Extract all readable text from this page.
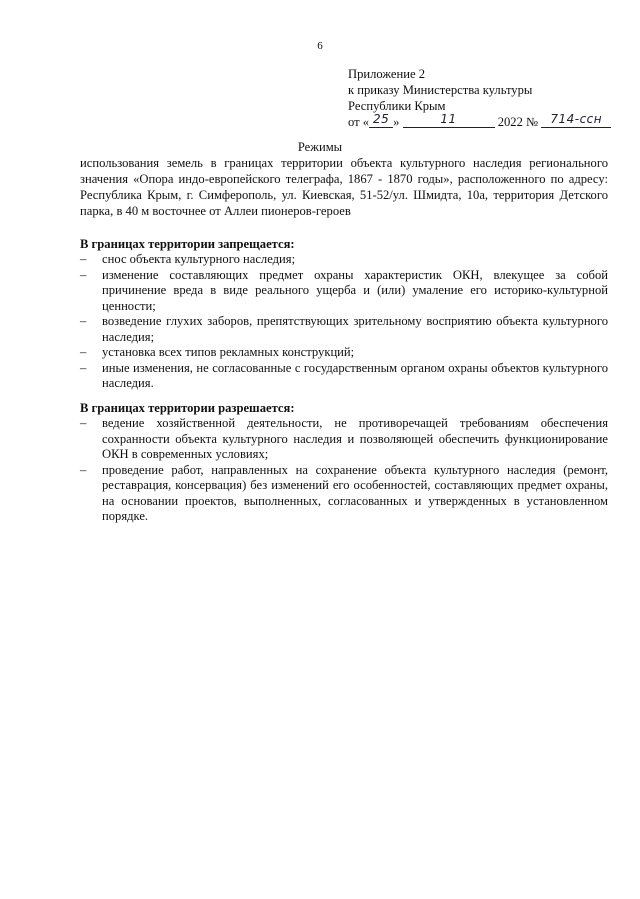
6
Приложение 2
к приказу Министерства культуры
Республики Крым
от « 25 »	11	2022 № 714-ссн
Режимы
использования земель в границах территории объекта культурного наследия регионального значения «Опора индо-европейского телеграфа, 1867 - 1870 годы», расположенного по адресу: Республика Крым, г. Симферополь, ул. Киевская, 51-52/ул. Шмидта, 10а, территория Детского парка, в 40 м восточнее от Аллеи пионеров-героев
В границах территории запрещается:
–	снос объекта культурного наследия;
–	изменение составляющих предмет охраны характеристик ОКН, влекущее за собой причинение вреда в виде реального ущерба и (или) умаление его историко-культурной ценности;
–	возведение глухих заборов, препятствующих зрительному восприятию объекта культурного наследия;
–	установка всех типов рекламных конструкций;
–	иные изменения, не согласованные с государственным органом охраны объектов культурного наследия.
В границах территории разрешается:
–	ведение хозяйственной деятельности, не противоречащей требованиям обеспечения сохранности объекта культурного наследия и позволяющей обеспечить функционирование ОКН в современных условиях;
–	проведение работ, направленных на сохранение объекта культурного наследия (ремонт, реставрация, консервация) без изменений его особенностей, составляющих предмет охраны, на основании проектов, выполненных, согласованных и утвержденных в установленном порядке.
